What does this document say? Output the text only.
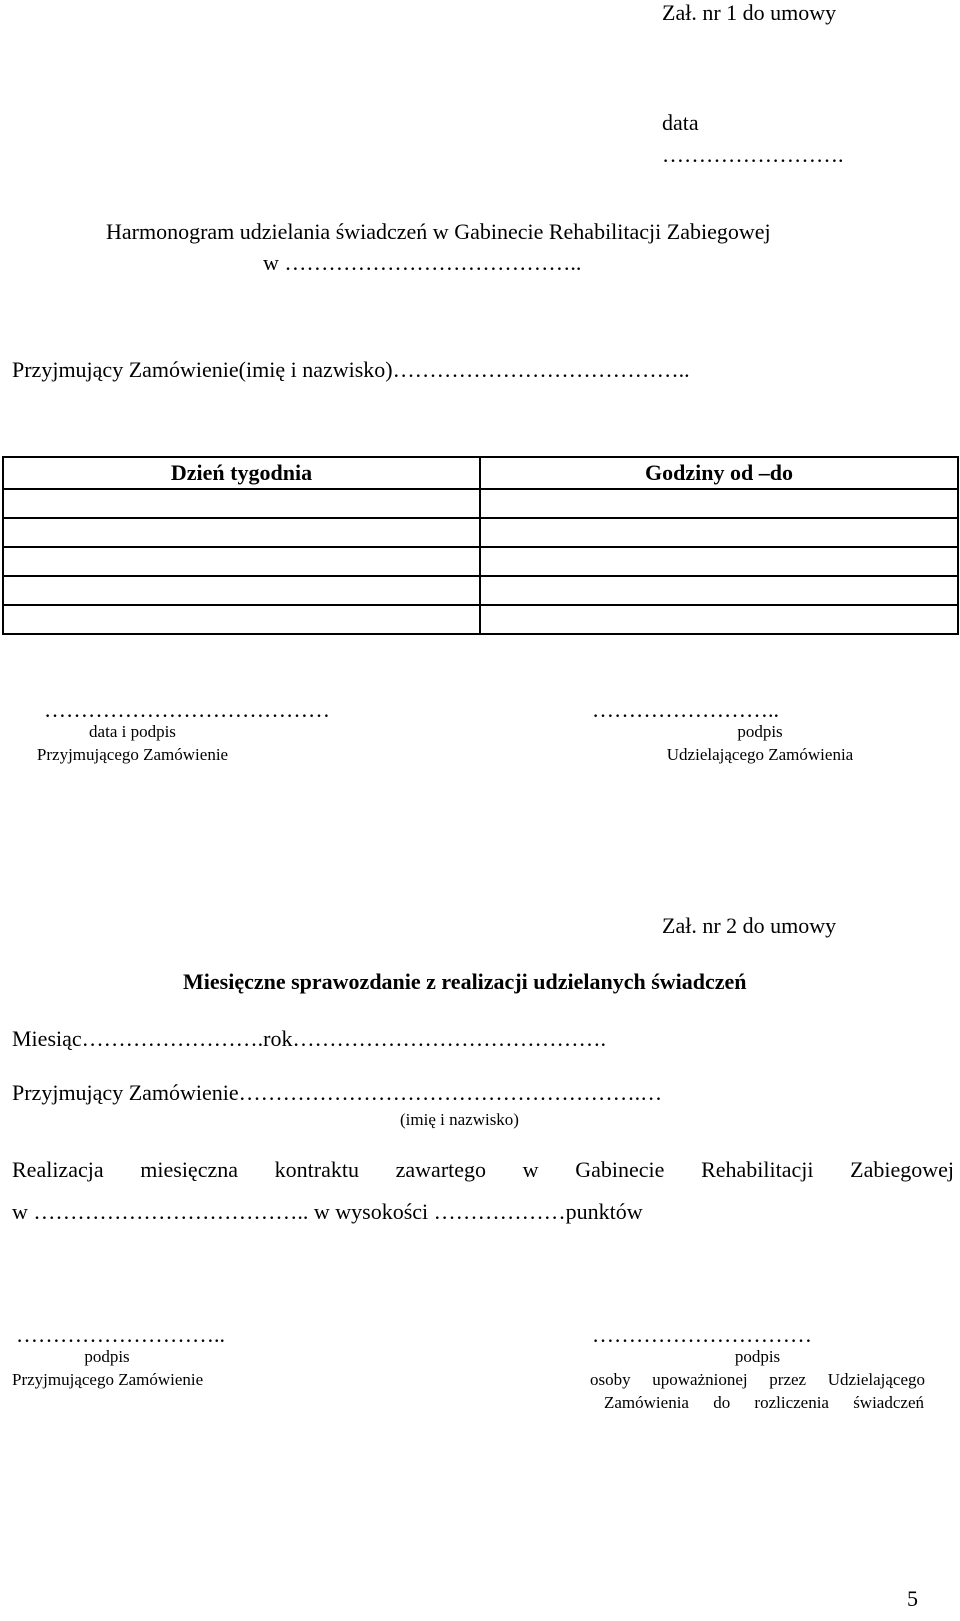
Zał. nr 1 do umowy
data
…………………….
Harmonogram udzielania świadczeń w Gabinecie Rehabilitacji Zabiegowej
w …………………………………..
Przyjmujący Zamówienie(imię i nazwisko)…………………………………..
Dzień tygodnia	Godziny od –do

…………………………………
data i podpis
Przyjmującego Zamówienie
……………………..
podpis
Udzielającego Zamówienia
Zał. nr 2 do umowy
Miesięczne sprawozdanie z realizacji udzielanych świadczeń
Miesiąc…………………….rok…………………………………….
Przyjmujący Zamówienie……………………………………………….…
(imię i nazwisko)
Realizacja miesięczna kontraktu zawartego w Gabinecie Rehabilitacji Zabiegowej
w ……………………………….. w wysokości ………………punktów
………………………..
podpis
Przyjmującego Zamówienie
…………………………
podpis
osoby upoważnionej przez Udzielającego
Zamówienia do rozliczenia świadczeń
5
